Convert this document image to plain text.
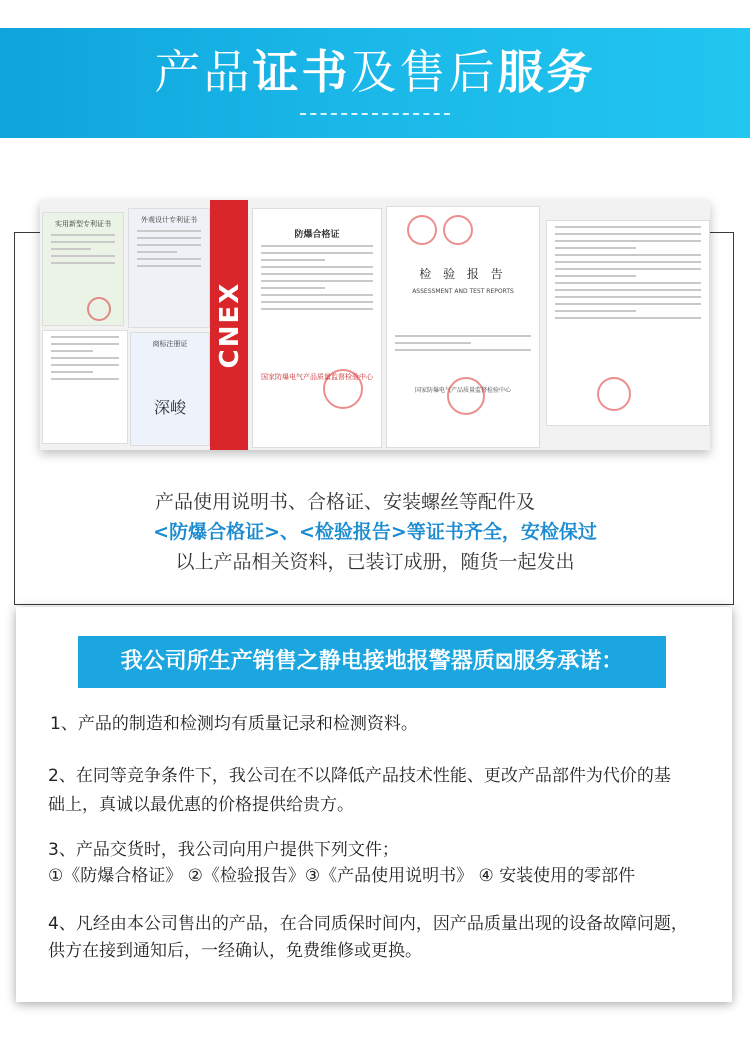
产品证书及售后服务
实用新型专利证书	外观设计专利证书
商标注册证
深峻
CNEX
防爆合格证
国家防爆电气产品质量监督检验中心
检 验 报 告
ASSESSMENT AND TEST REPORTS
国家防爆电气产品质量监督检验中心
产品使用说明书、合格证、安装螺丝等配件及
<防爆合格证>、<检验报告>等证书齐全，安检保过
以上产品相关资料，已装订成册，随货一起发出
我公司所生产销售之静电接地报警器质⊠服务承诺：
1、产品的制造和检测均有质量记录和检测资料。
2、在同等竞争条件下，我公司在不以降低产品技术性能、更改产品部件为代价的基
础上，真诚以最优惠的价格提供给贵方。
3、产品交货时，我公司向用户提供下列文件；
①《防爆合格证》 ②《检验报告》③《产品使用说明书》 ④ 安装使用的零部件
4、凡经由本公司售出的产品，在合同质保时间内，因产品质量出现的设备故障问题，
供方在接到通知后，一经确认，免费维修或更换。
